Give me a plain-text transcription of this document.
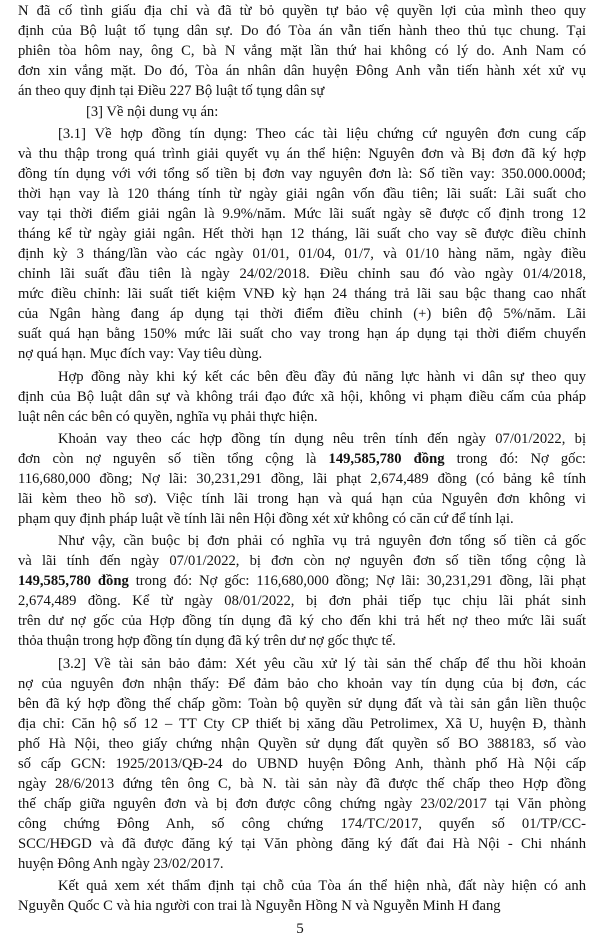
N đã cố tình giấu địa chỉ và đã từ bỏ quyền tự bảo vệ quyền lợi của mình theo quy
định của Bộ luật tố tụng dân sự. Do đó Tòa án vẫn tiến hành theo thủ tục chung. Tại
phiên tòa hôm nay, ông C, bà N vắng mặt lần thứ hai không có lý do. Anh Nam có
đơn xin vắng mặt. Do đó, Tòa án nhân dân huyện Đông Anh vẫn tiến hành xét xử vụ
án theo quy định tại Điều 227 Bộ luật tố tụng dân sự
[3] Về nội dung vụ án:
[3.1] Về hợp đồng tín dụng: Theo các tài liệu chứng cứ nguyên đơn cung cấp
và thu thập trong quá trình giải quyết vụ án thể hiện: Nguyên đơn và Bị đơn đã ký hợp
đồng tín dụng với với tổng số tiền bị đơn vay nguyên đơn là: Số tiền vay: 350.000.000đ;
thời hạn vay là 120 tháng tính từ ngày giải ngân vốn đầu tiên; lãi suất: Lãi suất cho
vay tại thời điểm giải ngân là 9.9%/năm. Mức lãi suất ngày sẽ được cố định trong 12
tháng kể từ ngày giải ngân. Hết thời hạn 12 tháng, lãi suất cho vay sẽ được điều chỉnh
định kỳ 3 tháng/lần vào các ngày 01/01, 01/04, 01/7, và 01/10 hàng năm, ngày điều
chỉnh lãi suất đầu tiên là ngày 24/02/2018. Điều chỉnh sau đó vào ngày 01/4/2018,
mức điều chỉnh: lãi suất tiết kiệm VNĐ kỳ hạn 24 tháng trả lãi sau bậc thang cao nhất
của Ngân hàng đang áp dụng tại thời điểm điều chỉnh (+) biên độ 5%/năm. Lãi
suất quá hạn bằng 150% mức lãi suất cho vay trong hạn áp dụng tại thời điểm chuyển
nợ quá hạn. Mục đích vay: Vay tiêu dùng.
Hợp đồng này khi ký kết các bên đều đầy đủ năng lực hành vi dân sự theo quy
định của Bộ luật dân sự và không trái đạo đức xã hội, không vi phạm điều cấm của pháp
luật nên các bên có quyền, nghĩa vụ phải thực hiện.
Khoản vay theo các hợp đồng tín dụng nêu trên tính đến ngày 07/01/2022, bị
đơn còn nợ nguyên số tiền tổng cộng là 149,585,780 đồng trong đó: Nợ gốc:
116,680,000 đồng; Nợ lãi: 30,231,291 đồng, lãi phạt 2,674,489 đồng (có bảng kê tính
lãi kèm theo hồ sơ). Việc tính lãi trong hạn và quá hạn của Nguyên đơn không vi
phạm quy định pháp luật về tính lãi nên Hội đồng xét xử không có căn cứ để tính lại.
Như vậy, cần buộc bị đơn phải có nghĩa vụ trả nguyên đơn tổng số tiền cả gốc
và lãi tính đến ngày 07/01/2022, bị đơn còn nợ nguyên đơn số tiền tổng cộng là
149,585,780 đồng trong đó: Nợ gốc: 116,680,000 đồng; Nợ lãi: 30,231,291 đồng, lãi phạt
2,674,489 đồng. Kể từ ngày 08/01/2022, bị đơn phải tiếp tục chịu lãi phát sinh
trên dư nợ gốc của Hợp đồng tín dụng đã ký cho đến khi trả hết nợ theo mức lãi suất
thỏa thuận trong hợp đồng tín dụng đã ký trên dư nợ gốc thực tế.
[3.2] Về tài sản bảo đảm: Xét yêu cầu xử lý tài sản thế chấp để thu hồi khoản
nợ của nguyên đơn nhận thấy: Để đảm bảo cho khoản vay tín dụng của bị đơn, các
bên đã ký hợp đồng thế chấp gồm: Toàn bộ quyền sử dụng đất và tài sản gắn liền thuộc
địa chỉ: Căn hộ số 12 – TT Cty CP thiết bị xăng dầu Petrolimex, Xã U, huyện Đ, thành
phố Hà Nội, theo giấy chứng nhận Quyền sử dụng đất quyền số BO 388183, số vào
số cấp GCN: 1925/2013/QĐ-24 do UBND huyện Đông Anh, thành phố Hà Nội cấp
ngày 28/6/2013 đứng tên ông C, bà N. tài sản này đã được thế chấp theo Hợp đồng
thế chấp giữa nguyên đơn và bị đơn được công chứng ngày 23/02/2017 tại Văn phòng
công chứng Đông Anh, số công chứng 174/TC/2017, quyển số 01/TP/CC-
SCC/HĐGD và đã được đăng ký tại Văn phòng đăng ký đất đai Hà Nội - Chi nhánh
huyện Đông Anh ngày 23/02/2017.
Kết quả xem xét thẩm định tại chỗ của Tòa án thể hiện nhà, đất này hiện có anh
Nguyễn Quốc C và hia người con trai là Nguyễn Hồng N và Nguyễn Minh H đang
5
